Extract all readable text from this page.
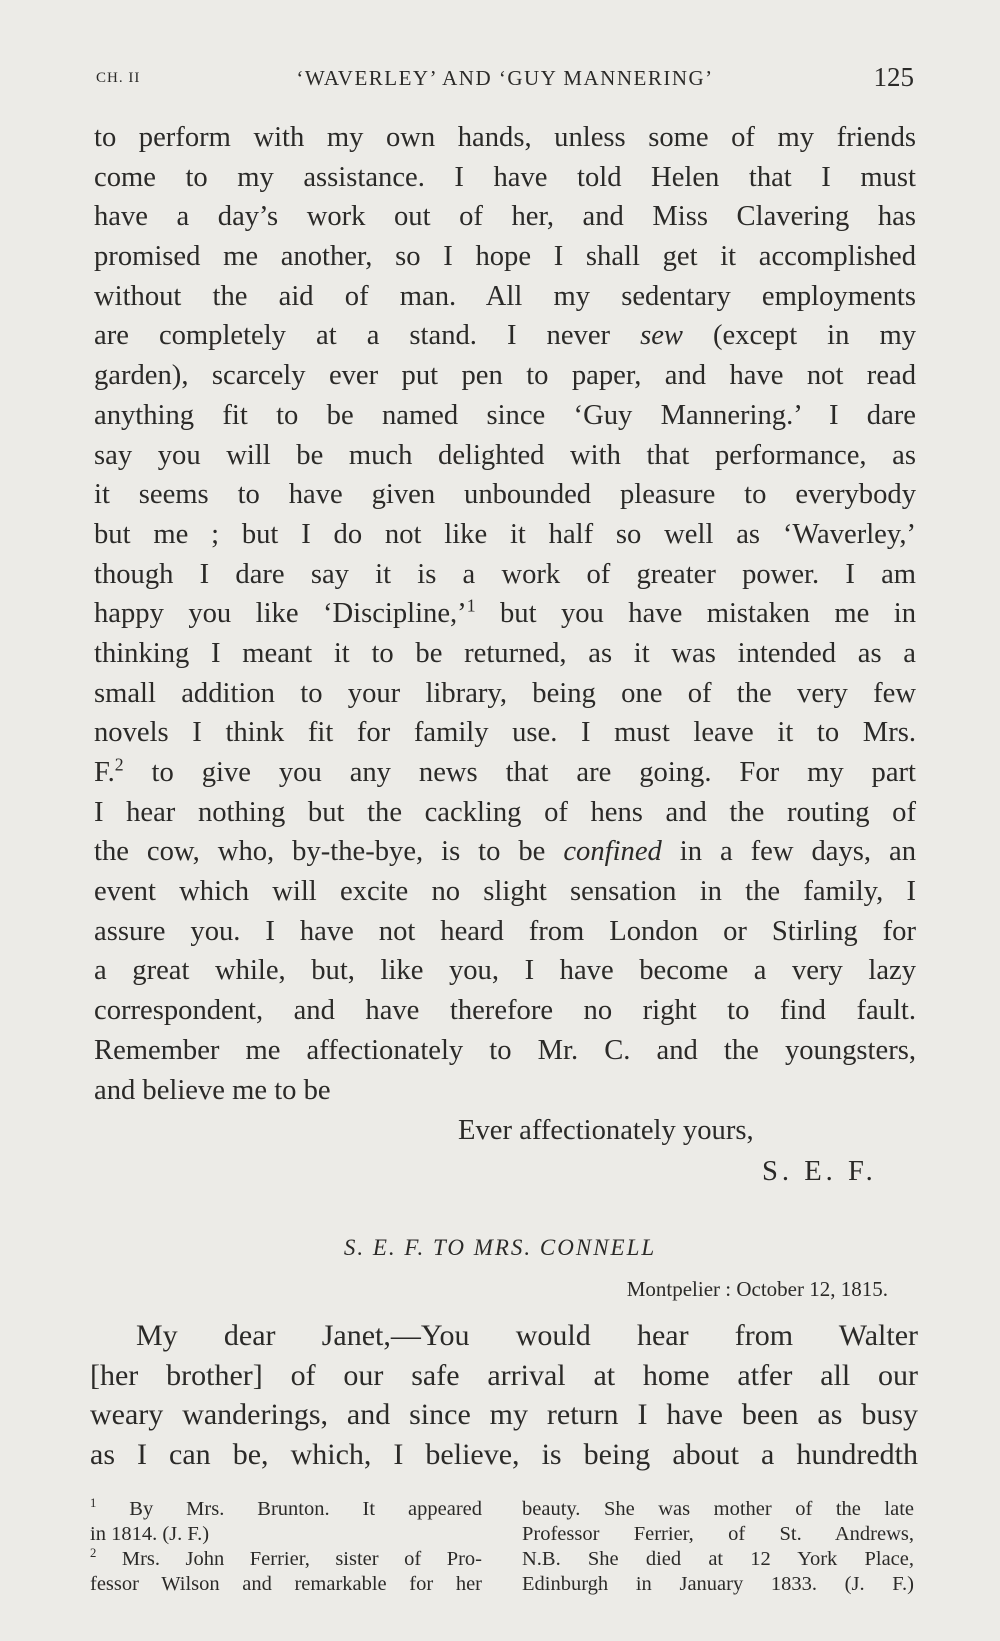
CH. II	‘WAVERLEY’ AND ‘GUY MANNERING’	125
to perform with my own hands, unless some of my friends
come to my assistance. I have told Helen that I must
have a day’s work out of her, and Miss Clavering has
promised me another, so I hope I shall get it accomplished
without the aid of man. All my sedentary employments
are completely at a stand. I never sew (except in my
garden), scarcely ever put pen to paper, and have not read
anything fit to be named since ‘Guy Mannering.’ I dare
say you will be much delighted with that performance, as
it seems to have given unbounded pleasure to everybody
but me ; but I do not like it half so well as ‘Waverley,’
though I dare say it is a work of greater power. I am
happy you like ‘Discipline,’$^1$ but you have mistaken me in
thinking I meant it to be returned, as it was intended as a
small addition to your library, being one of the very few
novels I think fit for family use. I must leave it to Mrs.
F.$^2$ to give you any news that are going. For my part
I hear nothing but the cackling of hens and the routing of
the cow, who, by-the-bye, is to be confined in a few days, an
event which will excite no slight sensation in the family, I
assure you. I have not heard from London or Stirling for
a great while, but, like you, I have become a very lazy
correspondent, and have therefore no right to find fault.
Remember me affectionately to Mr. C. and the youngsters,
and believe me to be
Ever affectionately yours,
S. E. F.
S. E. F. TO MRS. CONNELL
Montpelier : October 12, 1815.
My dear Janet,—You would hear from Walter
[her brother] of our safe arrival at home atfer all our
weary wanderings, and since my return I have been as busy
as I can be, which, I believe, is being about a hundredth
$^1$ By Mrs. Brunton. It appeared
in 1814. (J. F.)
$^2$ Mrs. John Ferrier, sister of Pro-
fessor Wilson and remarkable for her
beauty. She was mother of the late
Professor Ferrier, of St. Andrews,
N.B. She died at 12 York Place,
Edinburgh in January 1833. (J. F.)
